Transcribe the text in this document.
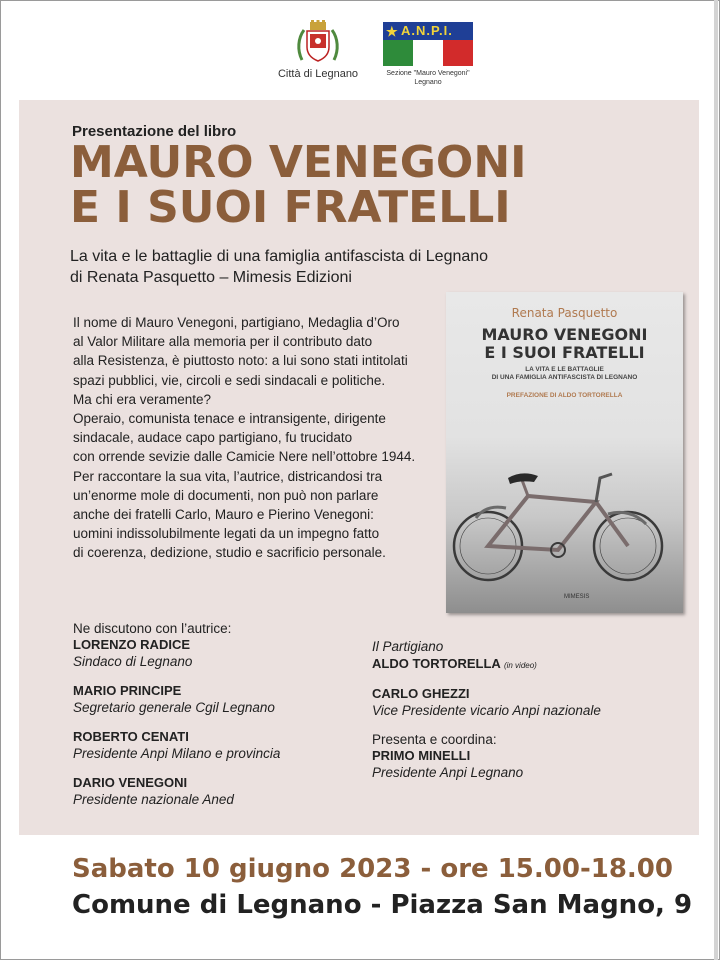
Città di Legnano
★ A.N.P.I.
Sezione "Mauro Venegoni"
Legnano
Presentazione del libro
MAURO VENEGONI
E I SUOI FRATELLI
La vita e le battaglie di una famiglia antifascista di Legnano
di Renata Pasquetto – Mimesis Edizioni
Il nome di Mauro Venegoni, partigiano, Medaglia d’Oro
al Valor Militare alla memoria per il contributo dato
alla Resistenza, è piuttosto noto: a lui sono stati intitolati
spazi pubblici, vie, circoli e sedi sindacali e politiche.
Ma chi era veramente?
Operaio, comunista tenace e intransigente, dirigente
sindacale, audace capo partigiano, fu trucidato
con orrende sevizie dalle Camicie Nere nell’ottobre 1944.
Per raccontare la sua vita, l’autrice, districandosi tra
un’enorme mole di documenti, non può non parlare
anche dei fratelli Carlo, Mauro e Pierino Venegoni:
uomini indissolubilmente legati da un impegno fatto
di coerenza, dedizione, studio e sacrificio personale.
Renata Pasquetto
MAURO VENEGONI
E I SUOI FRATELLI
LA VITA E LE BATTAGLIE
DI UNA FAMIGLIA ANTIFASCISTA DI LEGNANO
PREFAZIONE DI ALDO TORTORELLA
MIMESIS
Ne discutono con l’autrice:
LORENZO RADICE
Sindaco di Legnano
MARIO PRINCIPE
Segretario generale Cgil Legnano
ROBERTO CENATI
Presidente Anpi Milano e provincia
DARIO VENEGONI
Presidente nazionale Aned
Il Partigiano
ALDO TORTORELLA (in video)
CARLO GHEZZI
Vice Presidente vicario Anpi nazionale
Presenta e coordina:
PRIMO MINELLI
Presidente Anpi Legnano
Sabato 10 giugno 2023 - ore 15.00-18.00
Comune di Legnano - Piazza San Magno, 9
